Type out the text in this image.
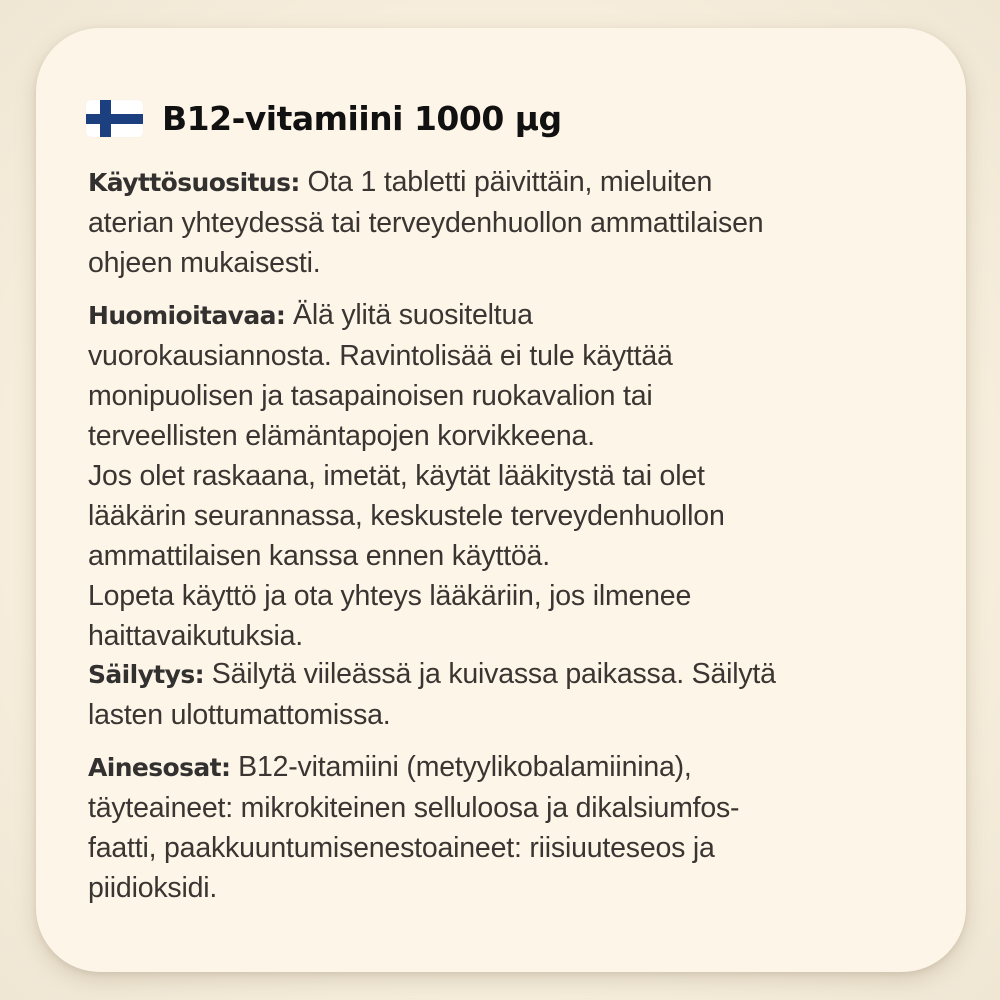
B12-vitamiini 1000 µg
Käyttösuositus: Ota 1 tabletti päivittäin, mieluiten
aterian yhteydessä tai terveydenhuollon ammattilaisen
ohjeen mukaisesti.
Huomioitavaa: Älä ylitä suositeltua
vuorokausiannosta. Ravintolisää ei tule käyttää
monipuolisen ja tasapainoisen ruokavalion tai
terveellisten elämäntapojen korvikkeena.
Jos olet raskaana, imetät, käytät lääkitystä tai olet
lääkärin seurannassa, keskustele terveydenhuollon
ammattilaisen kanssa ennen käyttöä.
Lopeta käyttö ja ota yhteys lääkäriin, jos ilmenee
haittavaikutuksia.
Säilytys: Säilytä viileässä ja kuivassa paikassa. Säilytä
lasten ulottumattomissa.
Ainesosat: B12-vitamiini (metyylikobalamiinina),
täyteaineet: mikrokiteinen selluloosa ja dikalsiumfos-
faatti, paakkuuntumisenestoaineet: riisiuuteseos ja
piidioksidi.
